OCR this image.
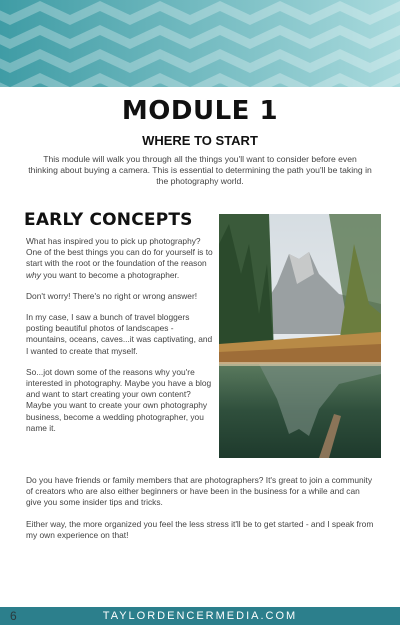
MODULE 1
WHERE TO START

This module will walk you through all the things you'll want to consider before even thinking about buying a camera. This is essential to determining the path you'll be taking in the photography world.

EARLY CONCEPTS

What has inspired you to pick up photography? One of the best things you can do for yourself is to start with the root or the foundation of the reason why you want to become a photographer.

Don't worry! There's no right or wrong answer!

In my case, I saw a bunch of travel bloggers posting beautiful photos of landscapes - mountains, oceans, caves...it was captivating, and I wanted to create that myself.

So...jot down some of the reasons why you're interested in photography. Maybe you have a blog and want to start creating your own content? Maybe you want to create your own photography business, become a wedding photographer, you name it.

Do you have friends or family members that are photographers? It's great to join a community of creators who are also either beginners or have been in the business for a while and can give you some insider tips and tricks.

Either way, the more organized you feel the less stress it'll be to get started - and I speak from my own experience on that!

6	TAYLORDENCERMEDIA.COM
